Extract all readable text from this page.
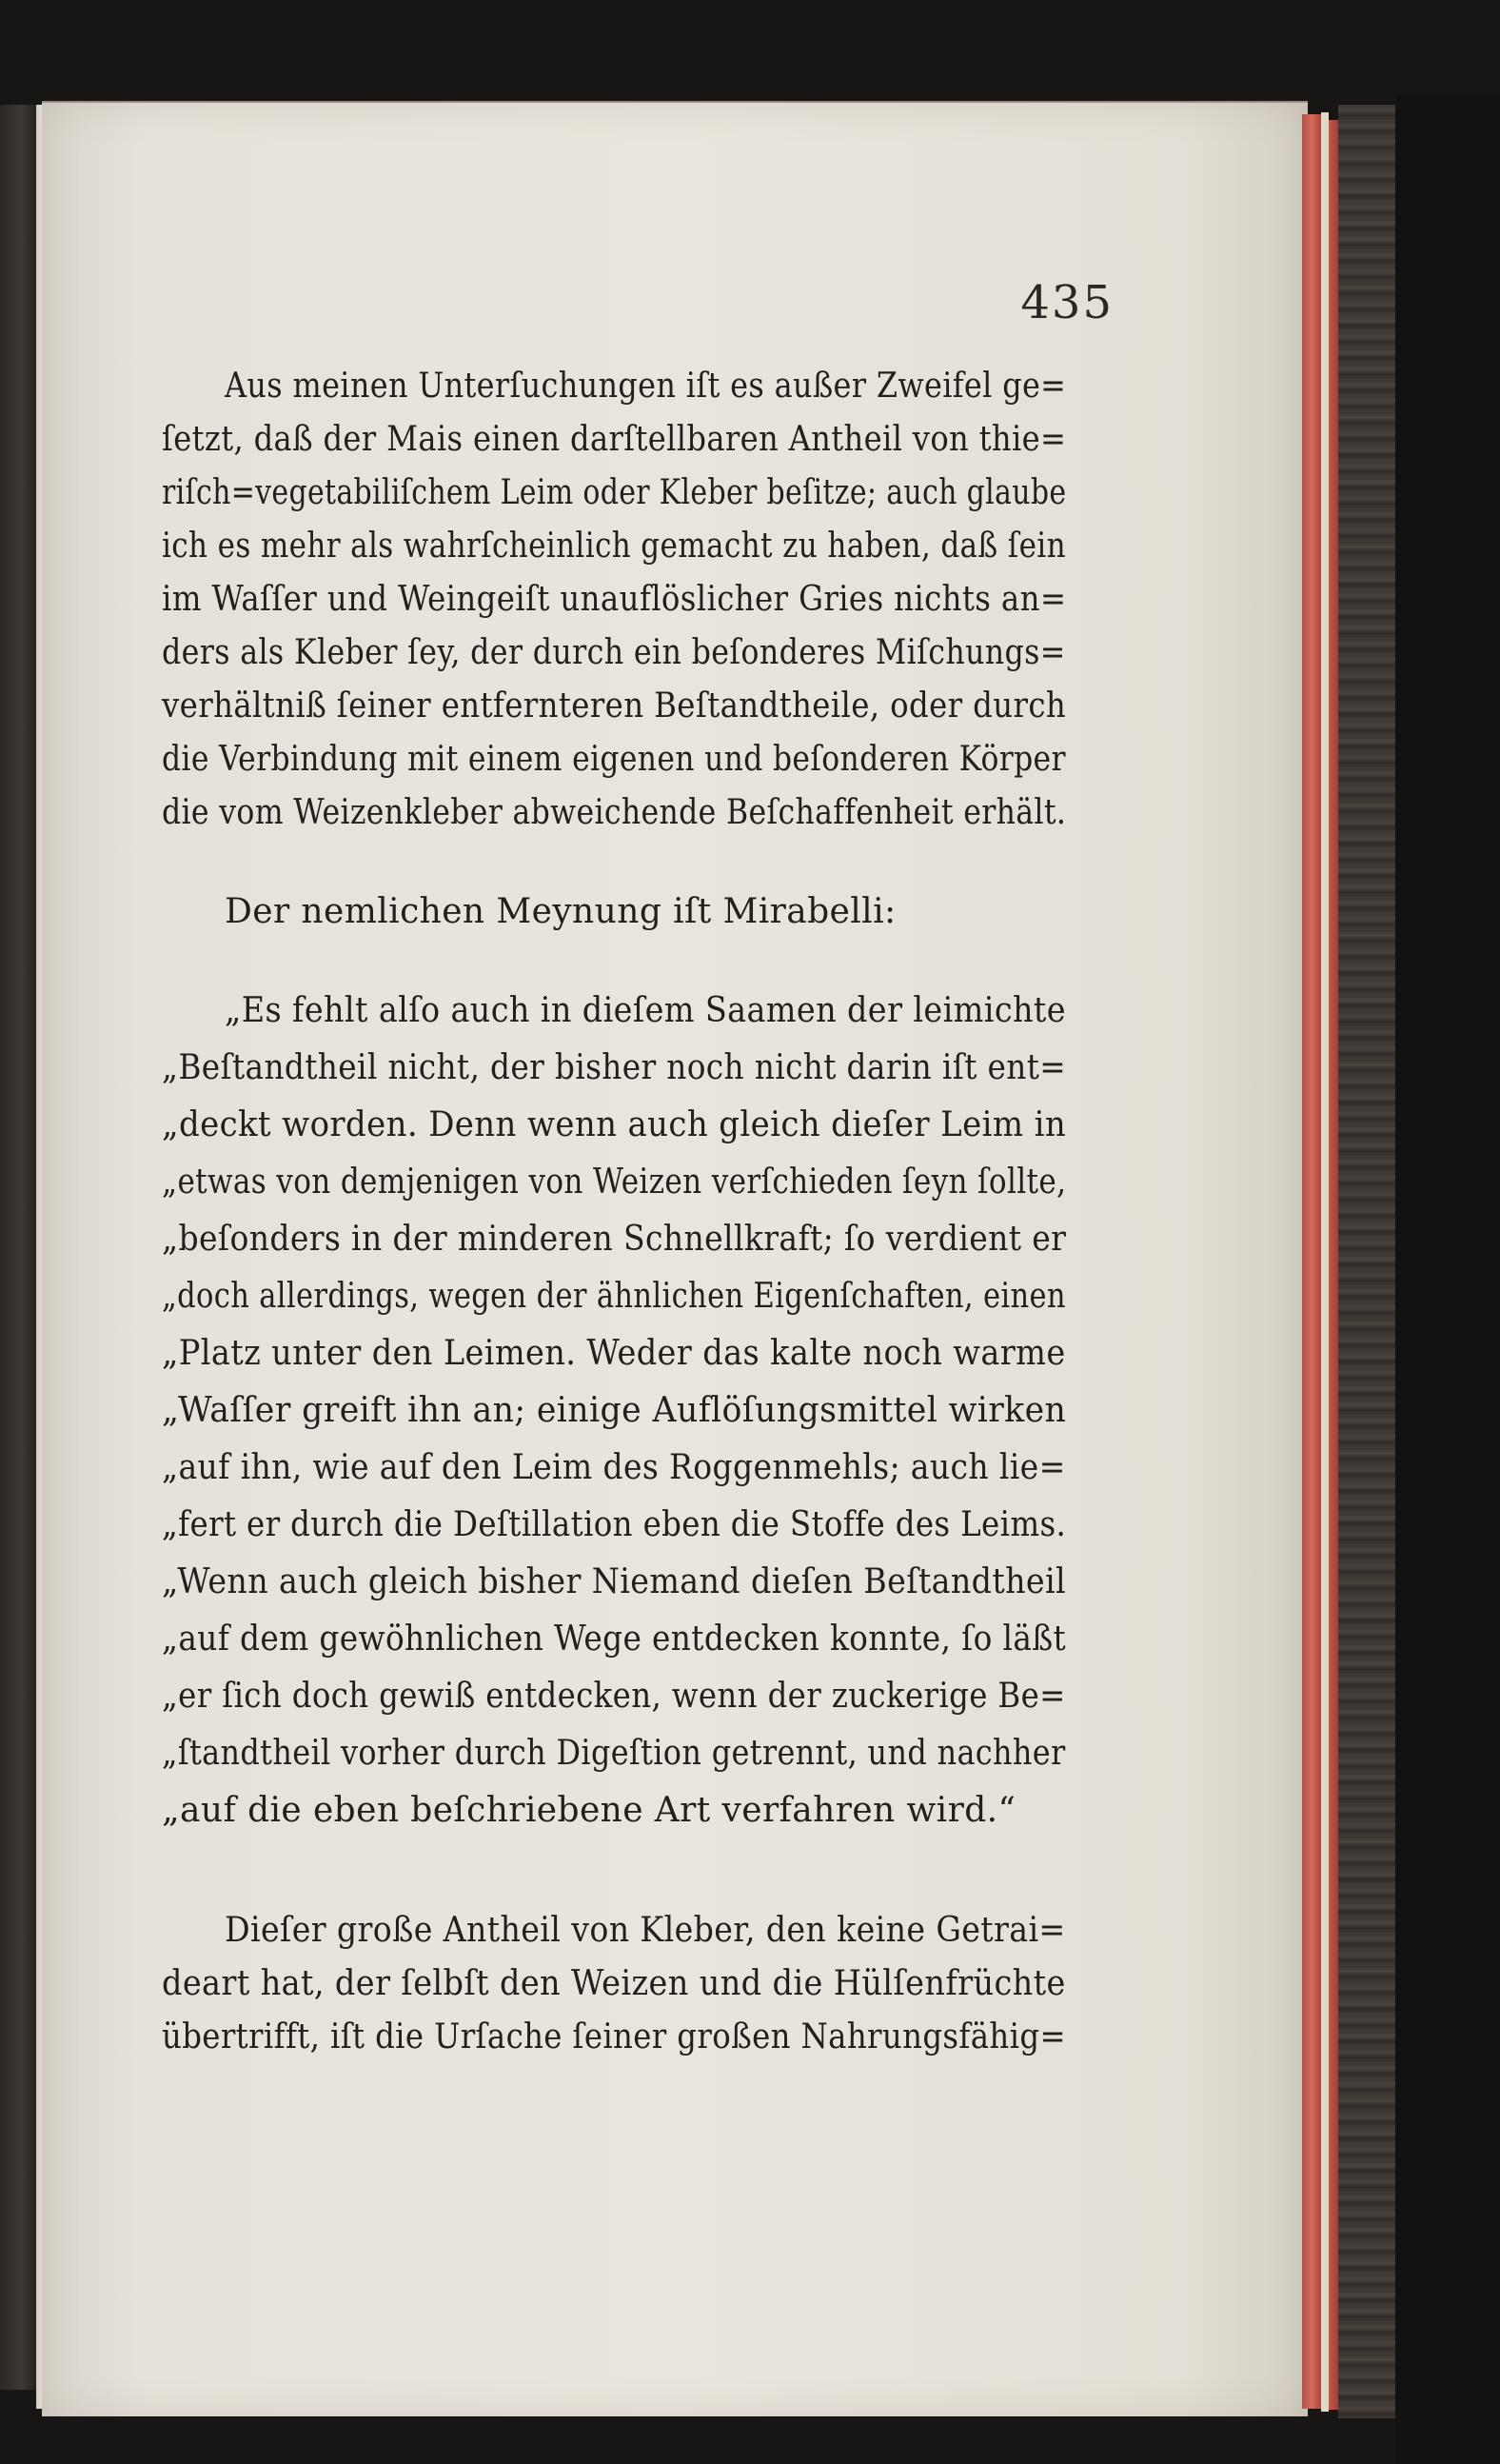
435
Aus meinen Unterſuchungen iſt es außer Zweifel ge=
ſetzt, daß der Mais einen darſtellbaren Antheil von thie=
riſch=vegetabiliſchem Leim oder Kleber beſitze; auch glaube
ich es mehr als wahrſcheinlich gemacht zu haben, daß ſein
im Waſſer und Weingeiſt unauflöslicher Gries nichts an=
ders als Kleber ſey, der durch ein beſonderes Miſchungs=
verhältniß ſeiner entfernteren Beſtandtheile, oder durch
die Verbindung mit einem eigenen und beſonderen Körper
die vom Weizenkleber abweichende Beſchaffenheit erhält.
Der nemlichen Meynung iſt Mirabelli:
„Es fehlt alſo auch in dieſem Saamen der leimichte
„Beſtandtheil nicht, der bisher noch nicht darin iſt ent=
„deckt worden. Denn wenn auch gleich dieſer Leim in
„etwas von demjenigen von Weizen verſchieden ſeyn ſollte,
„beſonders in der minderen Schnellkraft; ſo verdient er
„doch allerdings, wegen der ähnlichen Eigenſchaften, einen
„Platz unter den Leimen. Weder das kalte noch warme
„Waſſer greift ihn an; einige Auflöſungsmittel wirken
„auf ihn, wie auf den Leim des Roggenmehls; auch lie=
„fert er durch die Deſtillation eben die Stoffe des Leims.
„Wenn auch gleich bisher Niemand dieſen Beſtandtheil
„auf dem gewöhnlichen Wege entdecken konnte, ſo läßt
„er ſich doch gewiß entdecken, wenn der zuckerige Be=
„ſtandtheil vorher durch Digeſtion getrennt, und nachher
„auf die eben beſchriebene Art verfahren wird.“
Dieſer große Antheil von Kleber, den keine Getrai=
deart hat, der ſelbſt den Weizen und die Hülſenfrüchte
übertrifft, iſt die Urſache ſeiner großen Nahrungsfähig=
